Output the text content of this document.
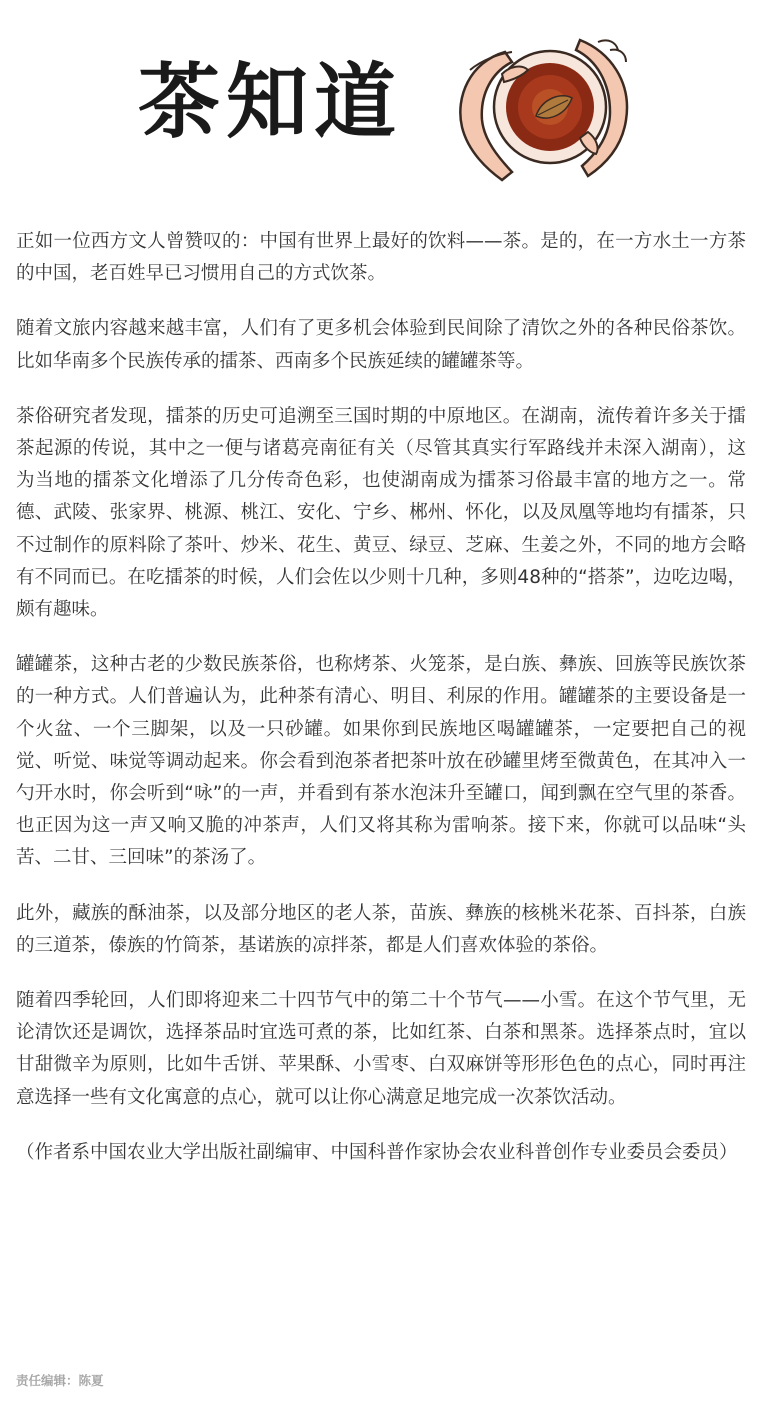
茶知道

正如一位西方文人曾赞叹的：中国有世界上最好的饮料——茶。是的，在一方水土一方茶的中国，老百姓早已习惯用自己的方式饮茶。

随着文旅内容越来越丰富，人们有了更多机会体验到民间除了清饮之外的各种民俗茶饮。比如华南多个民族传承的擂茶、西南多个民族延续的罐罐茶等。

茶俗研究者发现，擂茶的历史可追溯至三国时期的中原地区。在湖南，流传着许多关于擂茶起源的传说，其中之一便与诸葛亮南征有关（尽管其真实行军路线并未深入湖南），这为当地的擂茶文化增添了几分传奇色彩，也使湖南成为擂茶习俗最丰富的地方之一。常德、武陵、张家界、桃源、桃江、安化、宁乡、郴州、怀化，以及凤凰等地均有擂茶，只不过制作的原料除了茶叶、炒米、花生、黄豆、绿豆、芝麻、生姜之外，不同的地方会略有不同而已。在吃擂茶的时候，人们会佐以少则十几种，多则48种的“搭茶”，边吃边喝，颇有趣味。

罐罐茶，这种古老的少数民族茶俗，也称烤茶、火笼茶，是白族、彝族、回族等民族饮茶的一种方式。人们普遍认为，此种茶有清心、明目、利尿的作用。罐罐茶的主要设备是一个火盆、一个三脚架，以及一只砂罐。如果你到民族地区喝罐罐茶，一定要把自己的视觉、听觉、味觉等调动起来。你会看到泡茶者把茶叶放在砂罐里烤至微黄色，在其冲入一勺开水时，你会听到“咏”的一声，并看到有茶水泡沫升至罐口，闻到飘在空气里的茶香。也正因为这一声又响又脆的冲茶声，人们又将其称为雷响茶。接下来，你就可以品味“头苦、二甘、三回味”的茶汤了。

此外，藏族的酥油茶，以及部分地区的老人茶，苗族、彝族的核桃米花茶、百抖茶，白族的三道茶，傣族的竹筒茶，基诺族的凉拌茶，都是人们喜欢体验的茶俗。

随着四季轮回，人们即将迎来二十四节气中的第二十个节气——小雪。在这个节气里，无论清饮还是调饮，选择茶品时宜选可煮的茶，比如红茶、白茶和黑茶。选择茶点时，宜以甘甜微辛为原则，比如牛舌饼、苹果酥、小雪枣、白双麻饼等形形色色的点心，同时再注意选择一些有文化寓意的点心，就可以让你心满意足地完成一次茶饮活动。

（作者系中国农业大学出版社副编审、中国科普作家协会农业科普创作专业委员会委员）

责任编辑：陈夏
